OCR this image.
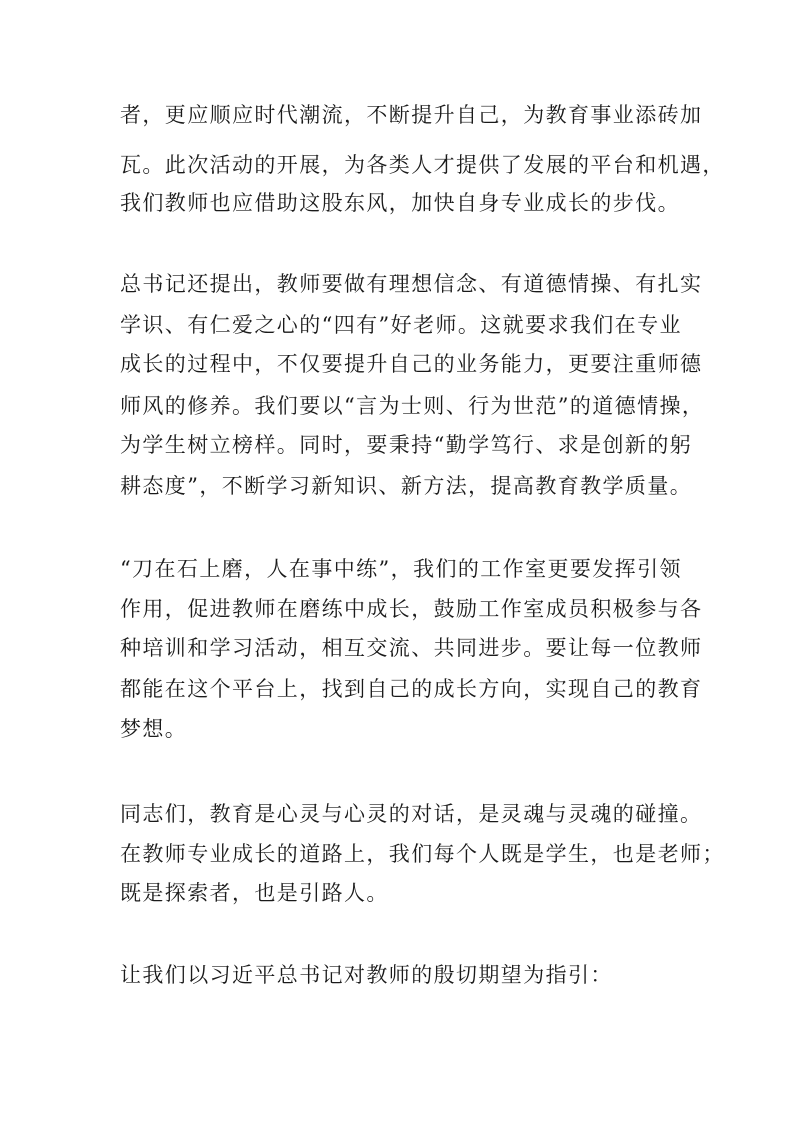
者，更应顺应时代潮流，不断提升自己，为教育事业添砖加
瓦。此次活动的开展，为各类人才提供了发展的平台和机遇，
我们教师也应借助这股东风，加快自身专业成长的步伐。
总书记还提出，教师要做有理想信念、有道德情操、有扎实
学识、有仁爱之心的“四有”好老师。这就要求我们在专业
成长的过程中，不仅要提升自己的业务能力，更要注重师德
师风的修养。我们要以“言为士则、行为世范”的道德情操，
为学生树立榜样。同时，要秉持“勤学笃行、求是创新的躬
耕态度”，不断学习新知识、新方法，提高教育教学质量。
“刀在石上磨，人在事中练”，我们的工作室更要发挥引领
作用，促进教师在磨练中成长，鼓励工作室成员积极参与各
种培训和学习活动，相互交流、共同进步。要让每一位教师
都能在这个平台上，找到自己的成长方向，实现自己的教育
梦想。
同志们，教育是心灵与心灵的对话，是灵魂与灵魂的碰撞。
在教师专业成长的道路上，我们每个人既是学生，也是老师；
既是探索者，也是引路人。
让我们以习近平总书记对教师的殷切期望为指引：
